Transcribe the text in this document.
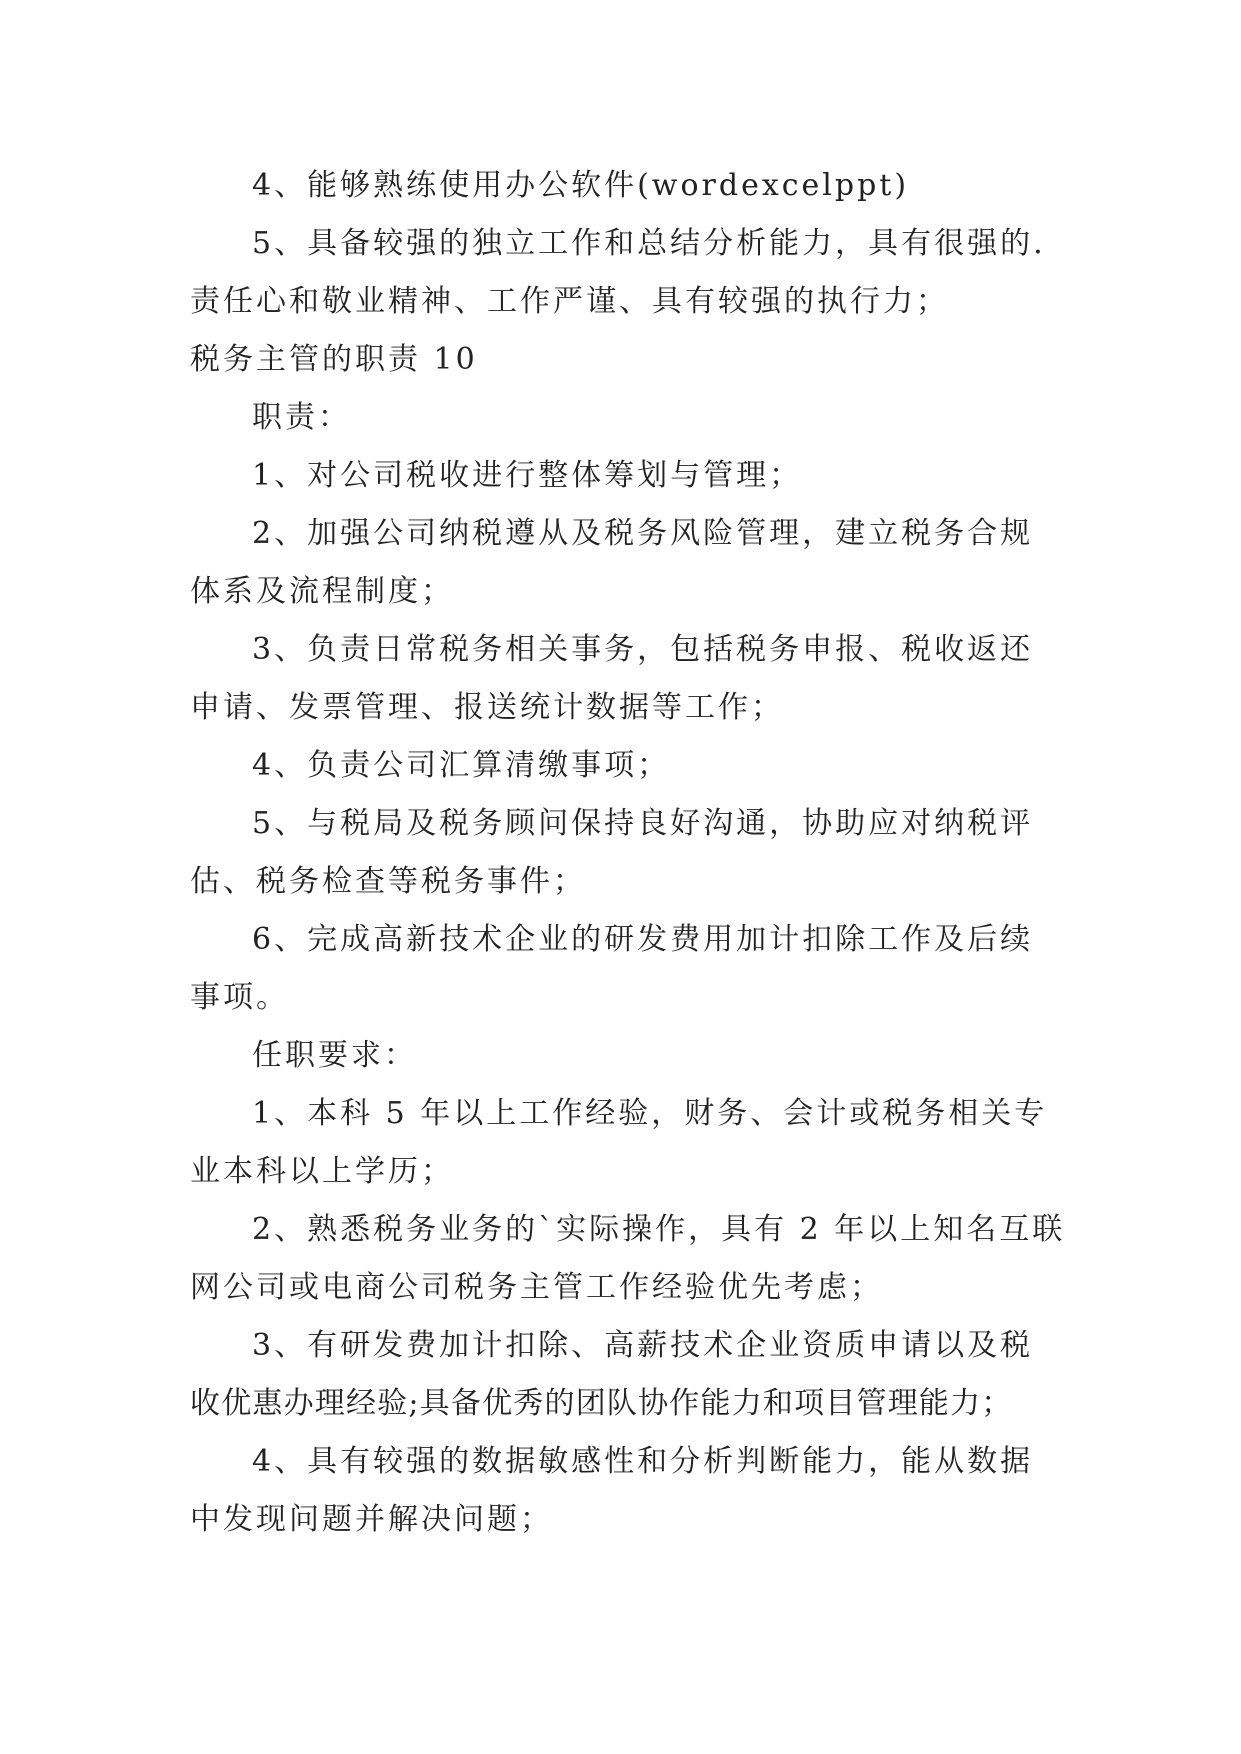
4、能够熟练使用办公软件(wordexcelppt)
5、具备较强的独立工作和总结分析能力，具有很强的.
责任心和敬业精神、工作严谨、具有较强的执行力；
税务主管的职责 10
职责：
1、对公司税收进行整体筹划与管理；
2、加强公司纳税遵从及税务风险管理，建立税务合规
体系及流程制度；
3、负责日常税务相关事务，包括税务申报、税收返还
申请、发票管理、报送统计数据等工作；
4、负责公司汇算清缴事项；
5、与税局及税务顾问保持良好沟通，协助应对纳税评
估、税务检查等税务事件；
6、完成高新技术企业的研发费用加计扣除工作及后续
事项。
任职要求：
1、本科 5 年以上工作经验，财务、会计或税务相关专
业本科以上学历；
2、熟悉税务业务的`实际操作，具有 2 年以上知名互联
网公司或电商公司税务主管工作经验优先考虑；
3、有研发费加计扣除、高薪技术企业资质申请以及税
收优惠办理经验;具备优秀的团队协作能力和项目管理能力；
4、具有较强的数据敏感性和分析判断能力，能从数据
中发现问题并解决问题；
